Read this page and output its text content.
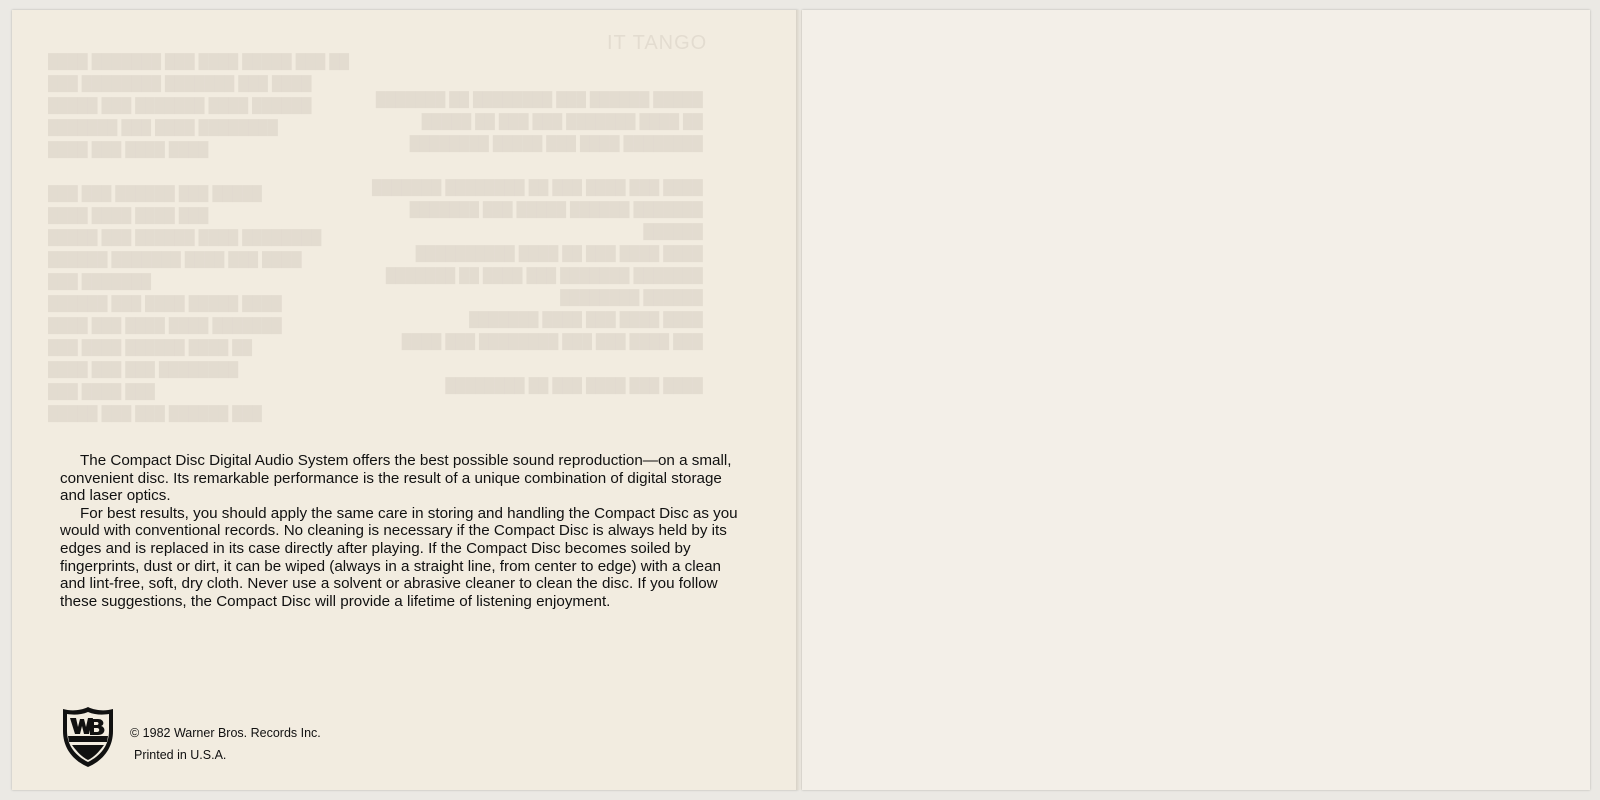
IT TANGO
█████ ██████ ███ ████████ ██ ███████
██ ████ ███████ ███ ███ ██ █████
████████ ████ ███ █████ ████████

████ ███ ████ ███ ██ ████████ ███████
███████ ██████ █████ ███ ███████
██████
████ ████ ███ ██ ████ ██████████
███████ ███████ ███ ████ ██ ███████
██████ ████████
████ ████ ███ ████ ███████
███ ████ ███ ███ ████████ ███ ████

████ ███ ████ ███ ██ ████████
████ ███████ ███ ████ █████ ███ ██
███ ████████ ███████ ███ ████
█████ ███ ███████ ████ ██████
███████ ███ ████ ████████
████ ███ ████ ████

███ ███ ██████ ███ █████
████ ████ ████ ███
█████ ███ ██████ ████ ████████
██████ ███████ ████ ███ ████
███ ███████
██████ ███ ████ █████ ████
████ ███ ████ ████ ███████
███ ████ ██████ ████ ██
████ ███ ███ ████████
███ ████ ███
█████ ███ ███ ██████ ███

The Compact Disc Digital Audio System offers the best possible sound reproduction—on a small, convenient disc. Its remarkable performance is the result of a unique combination of digital storage and laser optics.

For best results, you should apply the same care in storing and handling the Compact Disc as you would with conventional records. No cleaning is necessary if the Compact Disc is always held by its edges and is replaced in its case directly after playing. If the Compact Disc becomes soiled by fingerprints, dust or dirt, it can be wiped (always in a straight line, from center to edge) with a clean and lint-free, soft, dry cloth. Never use a solvent or abrasive cleaner to clean the disc. If you follow these suggestions, the Compact Disc will provide a lifetime of listening enjoyment.

© 1982 Warner Bros. Records Inc.
Printed in U.S.A.
